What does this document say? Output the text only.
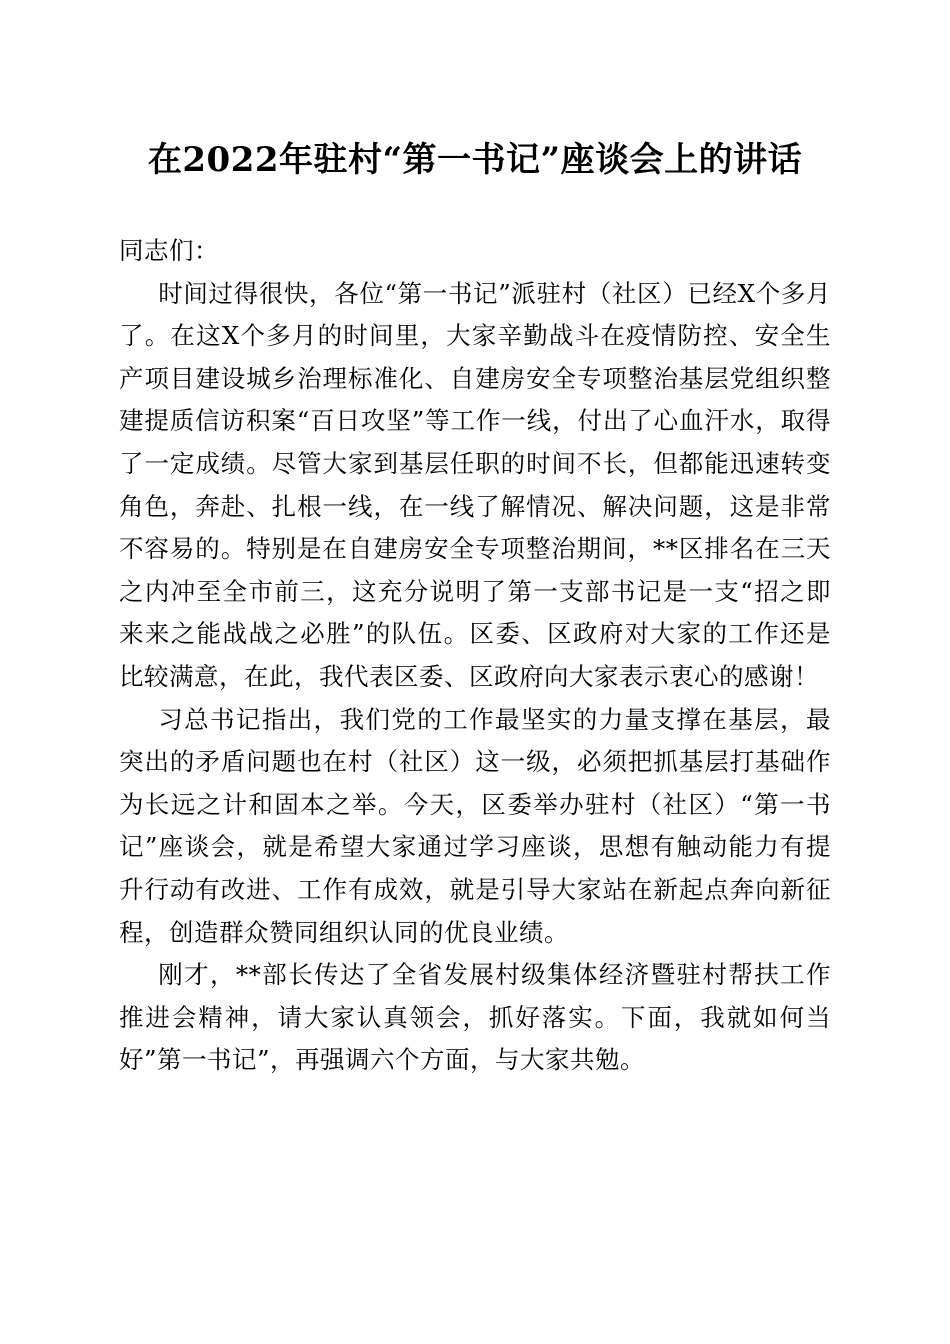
在2022年驻村“第一书记”座谈会上的讲话

同志们：

时间过得很快，各位“第一书记”派驻村（社区）已经X个多月了。在这X个多月的时间里，大家辛勤战斗在疫情防控、安全生产项目建设城乡治理标准化、自建房安全专项整治基层党组织整建提质信访积案“百日攻坚”等工作一线，付出了心血汗水，取得了一定成绩。尽管大家到基层任职的时间不长，但都能迅速转变角色，奔赴、扎根一线，在一线了解情况、解决问题，这是非常不容易的。特别是在自建房安全专项整治期间，**区排名在三天之内冲至全市前三，这充分说明了第一支部书记是一支“招之即来来之能战战之必胜”的队伍。区委、区政府对大家的工作还是比较满意，在此，我代表区委、区政府向大家表示衷心的感谢！

习总书记指出，我们党的工作最坚实的力量支撑在基层，最突出的矛盾问题也在村（社区）这一级，必须把抓基层打基础作为长远之计和固本之举。今天，区委举办驻村（社区）“第一书记”座谈会，就是希望大家通过学习座谈，思想有触动能力有提升行动有改进、工作有成效，就是引导大家站在新起点奔向新征程，创造群众赞同组织认同的优良业绩。

刚才，**部长传达了全省发展村级集体经济暨驻村帮扶工作推进会精神，请大家认真领会，抓好落实。下面，我就如何当好”第一书记”，再强调六个方面，与大家共勉。
